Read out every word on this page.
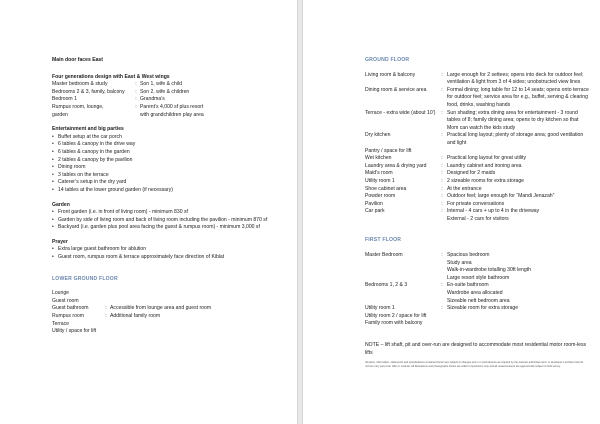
Main door faces East

Four generations design with East & West wings

Master bedroom & study	: Son 1, wife & child
Bedrooms 2 & 3, family, balcony	: Son 2, wife & children
Bedroom 1	: Grandma’s
Rumpus room, lounge,	: Parent’s 4,000 sf plus resort
garden	with grandchildren play area

Entertainment and big parties

• Buffet setup at the car porch
• 6 tables & canopy in the drive way
• 6 tables & canopy in the garden
• 2 tables & canopy by the pavilion
• Dining room
• 3 tables on the terrace
• Caterer’s setup in the dry yard
• 14 tables at the lower ground garden (if necessary)

Garden

• Front garden (i.e. in front of living room) - minimum 830 sf
• Garden by side of living room and back of living room including the pavilion - minimum 870 sf
• Backyard (i.e. garden plus pool area facing the guest & rumpus room) - minimum 3,000 sf

Prayer

• Extra large guest bathroom for ablution
• Guest room, rumpus room & terrace approximately face direction of Kiblat

LOWER GROUND FLOOR

Lounge

Guest room

Guest bathroom	: Accessible from lounge area and guest room
Rumpus room	: Additional family room

Terrace

Utility / space for lift

GROUND FLOOR

Living room & balcony	: Large enough for 2 settees; opens into deck for outdoor feel; ventilation & light from 3 of 4 sides; unobstructed view lines
Dining room & service area	: Formal dining; long table for 12 to 14 seats; opens onto terrace for outdoor feel; service area for e.g., buffet, serving & clearing food, drinks, washing hands
Terrace - extra wide (about 10’)	: Sun shading; extra dining area for entertainment - 3 round tables of 8; family dining area; opens to dry kitchen so that Mom can watch the kids study
Dry kitchen	: Practical long layout; plenty of storage area; good ventilation and light
Pantry / space for lift
Wet kitchen	: Practical long layout for great utility
Laundry area & drying yard	: Laundry cabinet and ironing area
Maid’s room	: Designed for 2 maids
Utility room 1	: 2 sizeable rooms for extra storage
Shoe cabinet area	: At the entrance
Powder room	: Outdoor feel; large enough for “Mandi Jenazah”
Pavilion	: For private conversations
Car park	: Internal - 4 cars + up to 4 in the driveway
External - 2 cars for visitors

FIRST FLOOR

Master Bedroom	: Spacious bedroom
Study area
Walk-in-wardrobe totalling 30ft length
Large resort style bathroom
Bedrooms 1, 2 & 3	: En-suite bathroom
Wardrobe area allocated
Sizeable nett bedroom area
Utility room 1	: Sizeable room for extra storage
Utility room 2 / space for lift
Family room with balcony

NOTE – lift shaft, pit and over-run are designed to accommodate most residential motor room-less lifts

All plans, information, statements and specifications contained herein are subject to changes and / or amendments as required by the relevant authorities and / or developer's architect and do not form any part of an offer or contract. All illustrations and photographs shown are artist's impressions only and all measurements are approximate subject to final survey.
